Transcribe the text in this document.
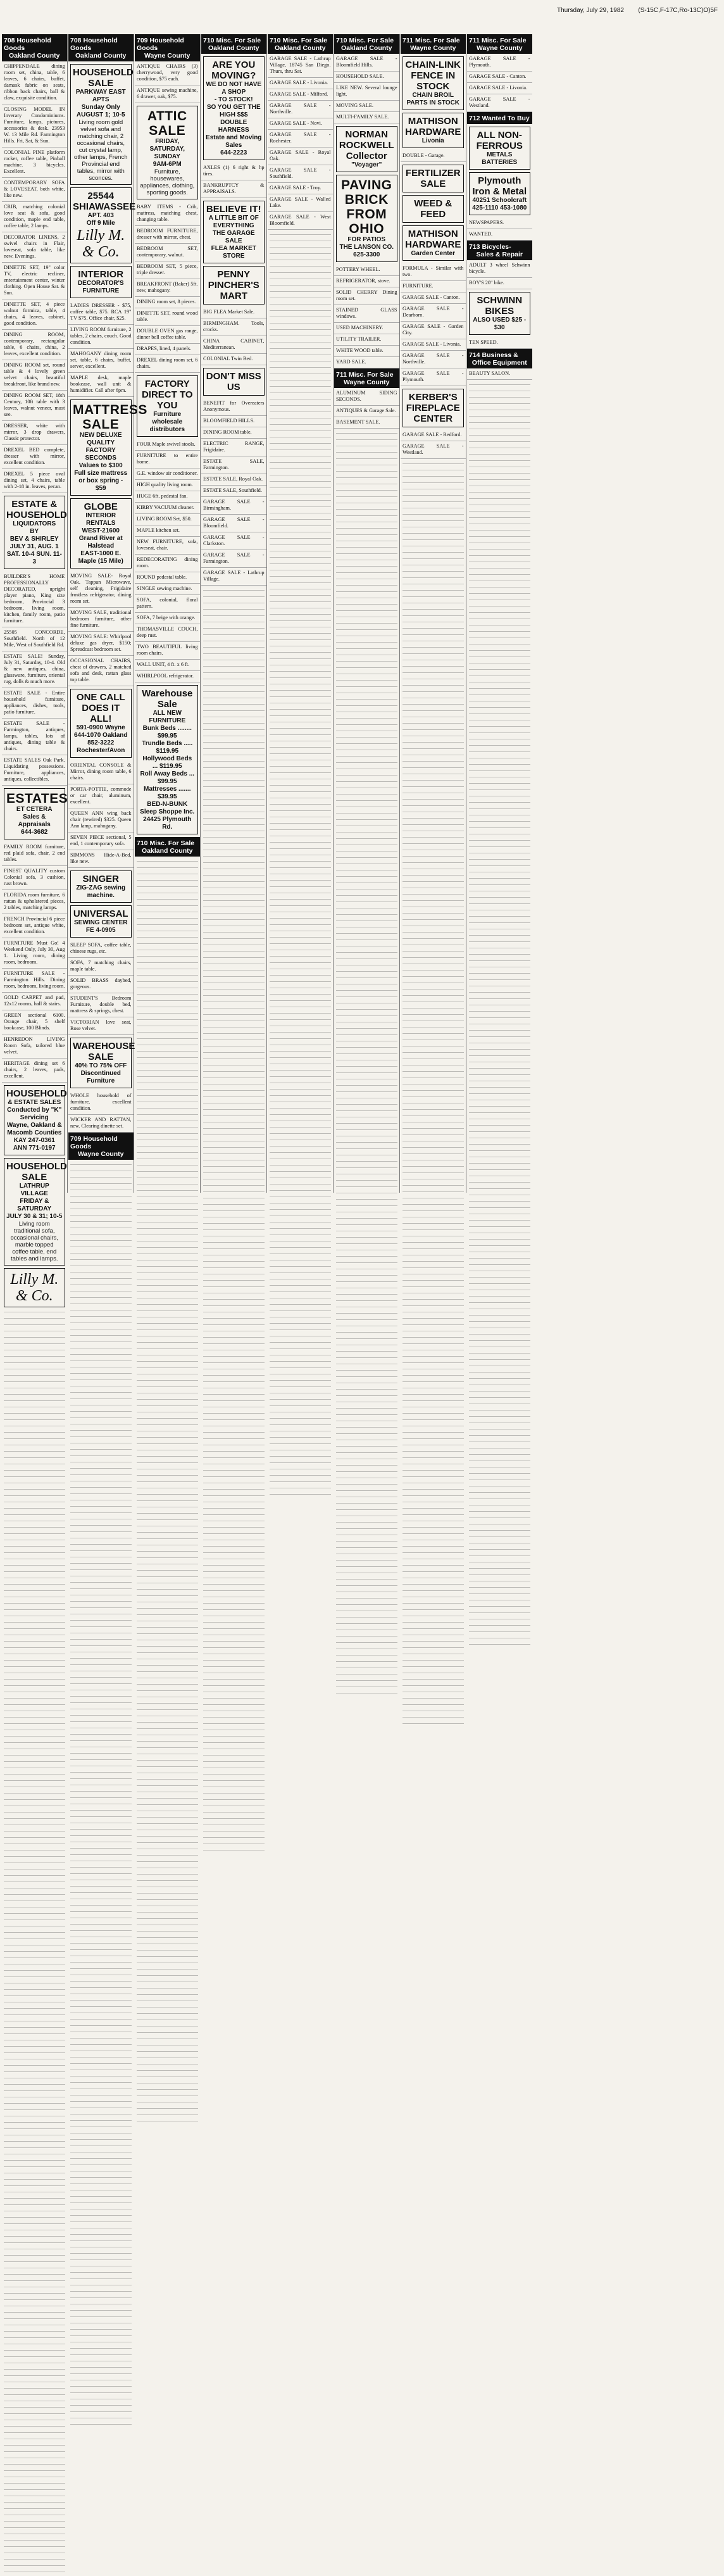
Thursday, July 29, 1982 (S-15C,F-17C,Ro-13C)O)5F
708 Household Goods
Oakland County
CHIPPENDALE dining room set, china, table, 6 leaves, 6 chairs, buffet, damask fabric on seats, ribbon back chairs, ball & claw, exquisite condition.
CLOSING MODEL IN Inverary Condominiums. Furniture, lamps, pictures, accessories & desk. 23953 W. 13 Mile Rd. Farmington Hills. Fri, Sat, & Sun.
COLONIAL PINE platform rocker, coffee table, Pinball machine. 3 bicycles. Excellent.
CONTEMPORARY SOFA & LOVESEAT, both white, like new.
CRIB, matching colonial love seat & sofa, good condition, maple end table, coffee table, 2 lamps.
DECORATOR LINENS, 2 swivel chairs in Flair, loveseat, sofa table, like new. Evenings.
DINETTE SET, 19" color TV, electric recliner, entertainment center, winter clothing. Open House Sat. & Sun.
DINETTE SET, 4 piece walnut formica, table, 4 chairs, 4 leaves, cabinet, good condition.
DINING ROOM, contemporary, rectangular table, 6 chairs, china, 2 leaves, excellent condition.
DINING ROOM set, round table & 4 lovely green velvet chairs, beautiful breakfront, like brand new.
DINING ROOM SET, 18th Century, 10ft table with 3 leaves, walnut veneer, must see.
DRESSER, white with mirror, 3 drop drawers, Classic protector.
DREXEL BED complete, dresser with mirror, excellent condition.
DREXEL 5 piece oval dining set, 4 chairs, table with 2-18 in. leaves, pecan.
ESTATE & HOUSEHOLD
LIQUIDATORS
BY
BEV & SHIRLEY
JULY 31, AUG. 1
SAT. 10-4 SUN. 11-3
BUILDER'S HOME PROFESSIONALLY DECORATED, upright player piano, King size bedroom, Provincial 3 bedroom, living room, kitchen, family room, patio furniture.
25505 CONCORDE, Southfield. North of 12 Mile, West of Southfield Rd.
ESTATE SALE! Sunday, July 31, Saturday, 10-4. Old & new antiques, china, glassware, furniture, oriental rug, dolls & much more.
ESTATE SALE - Entire household furniture, appliances, dishes, tools, patio furniture.
ESTATE SALE - Farmington, antiques, lamps, tables, lots of antiques, dining table & chairs.
ESTATE SALES Oak Park. Liquidating possessions. Furniture, appliances, antiques, collectibles.
ESTATES
ET CETERA
Sales & Appraisals
644-3682
FAMILY ROOM furniture, red plaid sofa, chair, 2 end tables.
FINEST QUALITY custom Colonial sofa, 3 cushion, rust brown.
FLORIDA room furniture, 6 rattan & upholstered pieces, 2 tables, matching lamps.
FRENCH Provincial 6 piece bedroom set, antique white, excellent condition.
FURNITURE Must Go! 4 Weekend Only, July 30, Aug 1. Living room, dining room, bedroom.
FURNITURE SALE - Farmington Hills. Dining room, bedroom, living room.
GOLD CARPET and pad, 12x12 rooms, hall & stairs.
GREEN sectional 6100. Orange chair, 5 shelf bookcase, 100 Blinds.
HENREDON LIVING Room Sofa, tailored blue velvet.
HERITAGE dining set 6 chairs, 2 leaves, pads, excellent.
HOUSEHOLD
& ESTATE SALES
Conducted by "K"
Servicing
Wayne, Oakland & Macomb Counties
KAY 247-0361
ANN 771-0197
HOUSEHOLD SALE
LATHRUP VILLAGE
FRIDAY & SATURDAY
JULY 30 & 31; 10-5
Living room traditional sofa, occasional chairs, marble topped coffee table, end tables and lamps.
Lilly M. & Co.
708 Household Goods
Oakland County
HOUSEHOLD SALE
PARKWAY EAST APTS
Sunday Only
AUGUST 1; 10-5
Living room gold velvet sofa and matching chair, 2 occasional chairs, cut crystal lamp, other lamps, French Provincial end tables, mirror with sconces.
25544 SHIAWASSEE
APT. 403
Off 9 Mile
Lilly M. & Co.
INTERIOR
DECORATOR'S
FURNITURE
LADIES DRESSER - $75, coffee table, $75. RCA 19" TV $75. Office chair, $25.
LIVING ROOM furniture, 2 tables, 2 chairs, couch. Good condition.
MAHOGANY dining room set, table, 6 chairs, buffet, server, excellent.
MAPLE desk, maple bookcase, wall unit & humidifier. Call after 6pm.
MATTRESS SALE
NEW DELUXE QUALITY
FACTORY SECONDS
Values to $300
Full size mattress or box spring - $59
GLOBE
INTERIOR RENTALS
WEST-21600 Grand River at Halstead
EAST-1000 E. Maple (15 Mile)
MOVING SALE- Royal Oak. Tappan Microwave, self cleaning, Frigidaire frostless refrigerator, dining room set.
MOVING SALE, traditional bedroom furniture, other fine furniture.
MOVING SALE: Whirlpool deluxe gas dryer, $150; Spreadcast bedroom set.
OCCASIONAL CHAIRS, chest of drawers, 2 matched sofa and desk, rattan glass top table.
ONE CALL DOES IT ALL!
591-0900 Wayne
644-1070 Oakland
852-3222 Rochester/Avon
ORIENTAL CONSOLE & Mirror, dining room table, 6 chairs.
PORTA-POTTIE, commode or car chair, aluminum, excellent.
QUEEN ANN wing back chair (rewired) $325. Queen Ann lamp, mahogany.
SEVEN PIECE sectional, 5 end, 1 contemporary sofa.
SIMMONS Hide-A-Bed, like new.
SINGER
ZIG-ZAG sewing machine.
UNIVERSAL
SEWING CENTER
FE 4-0905
SLEEP SOFA, coffee table, chinese rugs, etc.
SOFA, 7 matching chairs, maple table.
SOLID BRASS daybed, gorgeous.
STUDENT'S Bedroom Furniture, double bed, mattress & springs, chest.
VICTORIAN love seat, Rose velvet.
WAREHOUSE SALE
40% TO 75% OFF
Discontinued Furniture
WHOLE household of furniture, excellent condition.
WICKER AND RATTAN, new. Clearing dinette set.
709 Household Goods
Wayne County
709 Household Goods
Wayne County
ANTIQUE CHAIRS (3) cherrywood, very good condition, $75 each.
ANTIQUE sewing machine, 6 drawer, oak, $75.
ATTIC SALE
FRIDAY, SATURDAY, SUNDAY
9AM-6PM
Furniture, housewares, appliances, clothing, sporting goods.
BABY ITEMS - Crib, mattress, matching chest, changing table.
BEDROOM FURNITURE, dresser with mirror, chest.
BEDROOM SET, contemporary, walnut.
BEDROOM SET, 5 piece, triple dresser.
BREAKFRONT (Baker) 5ft. new, mahogany.
DINING room set, 8 pieces.
DINETTE SET, round wood table.
DOUBLE OVEN gas range, dinner bell coffee table.
DRAPES, lined, 4 panels.
DREXEL dining room set, 6 chairs.
FACTORY DIRECT TO YOU
Furniture wholesale distributors
FOUR Maple swivel stools.
FURNITURE to entire home.
G.E. window air conditioner.
HIGH quality living room.
HUGE 6ft. pedestal fan.
KIRBY VACUUM cleaner.
LIVING ROOM Set, $50.
MAPLE kitchen set.
NEW FURNITURE, sofa, loveseat, chair.
REDECORATING dining room.
ROUND pedestal table.
SINGLE sewing machine.
SOFA, colonial, floral pattern.
SOFA, 7 beige with orange.
THOMASVILLE COUCH, deep rust.
TWO BEAUTIFUL living room chairs.
WALL UNIT, 4 ft. x 6 ft.
WHIRLPOOL refrigerator.
Warehouse Sale
ALL NEW FURNITURE
Bunk Beds ........ $99.95
Trundle Beds ..... $119.95
Hollywood Beds ... $119.95
Roll Away Beds ... $99.95
Mattresses ....... $39.95
BED-N-BUNK
Sleep Shoppe Inc.
24425 Plymouth Rd.
710 Misc. For Sale
Oakland County
710 Misc. For Sale
Oakland County
ARE YOU MOVING?
WE DO NOT HAVE A SHOP
- TO STOCK!
SO YOU GET THE HIGH $$$
DOUBLE HARNESS
Estate and Moving Sales
644-2223
AXLES (1) 6 right & hp tires.
BANKRUPTCY & APPRAISALS.
BELIEVE IT!
A LITTLE BIT OF EVERYTHING
THE GARAGE SALE
FLEA MARKET STORE
PENNY PINCHER'S MART
BIG FLEA Market Sale.
BIRMINGHAM. Tools, crocks.
CHINA CABINET, Mediterranean.
COLONIAL Twin Bed.
DON'T MISS US
BENEFIT for Overeaters Anonymous.
BLOOMFIELD HILLS.
DINING ROOM table.
ELECTRIC RANGE, Frigidaire.
ESTATE SALE, Farmington.
ESTATE SALE, Royal Oak.
ESTATE SALE, Southfield.
GARAGE SALE - Birmingham.
GARAGE SALE - Bloomfield.
GARAGE SALE - Clarkston.
GARAGE SALE - Farmington.
GARAGE SALE - Lathrup Village.
710 Misc. For Sale
Oakland County
GARAGE SALE - Lathrup Village, 18745 San Diego. Thurs, thru Sat.
GARAGE SALE - Livonia.
GARAGE SALE - Milford.
GARAGE SALE - Northville.
GARAGE SALE - Novi.
GARAGE SALE - Rochester.
GARAGE SALE - Royal Oak.
GARAGE SALE - Southfield.
GARAGE SALE - Troy.
GARAGE SALE - Walled Lake.
GARAGE SALE - West Bloomfield.
710 Misc. For Sale
Oakland County
GARAGE SALE - Bloomfield Hills.
HOUSEHOLD SALE.
LIKE NEW. Several lounge light.
MOVING SALE.
MULTI-FAMILY SALE.
NORMAN ROCKWELL Collector
"Voyager"
PAVING BRICK FROM OHIO
FOR PATIOS
THE LANSON CO. 625-3300
POTTERY WHEEL.
REFRIGERATOR, stove.
SOLID CHERRY Dining room set.
STAINED GLASS windows.
USED MACHINERY.
UTILITY TRAILER.
WHITE WOOD table.
YARD SALE.
711 Misc. For Sale
Wayne County
ALUMINUM SIDING SECONDS.
ANTIQUES & Garage Sale.
BASEMENT SALE.
711 Misc. For Sale
Wayne County
CHAIN-LINK FENCE IN STOCK
CHAIN BROIL PARTS IN STOCK
MATHISON HARDWARE
Livonia
DOUBLE - Garage.
FERTILIZER SALE
WEED & FEED
MATHISON HARDWARE
Garden Center
FORMULA - Similar with two.
FURNITURE.
GARAGE SALE - Canton.
GARAGE SALE - Dearborn.
GARAGE SALE - Garden City.
GARAGE SALE - Livonia.
GARAGE SALE - Northville.
GARAGE SALE - Plymouth.
KERBER'S FIREPLACE CENTER
GARAGE SALE - Redford.
GARAGE SALE - Westland.
711 Misc. For Sale
Wayne County
GARAGE SALE - Plymouth.
GARAGE SALE - Canton.
GARAGE SALE - Livonia.
GARAGE SALE - Westland.
712 Wanted To Buy
ALL NON-FERROUS
METALS
BATTERIES
Plymouth Iron & Metal
40251 Schoolcraft
425-1110 453-1080
NEWSPAPERS.
WANTED.
713 Bicycles-
Sales & Repair
ADULT 3 wheel Schwinn bicycle.
BOY'S 20" bike.
SCHWINN BIKES
ALSO USED $25 - $30
TEN SPEED.
714 Business &
Office Equipment
BEAUTY SALON.
